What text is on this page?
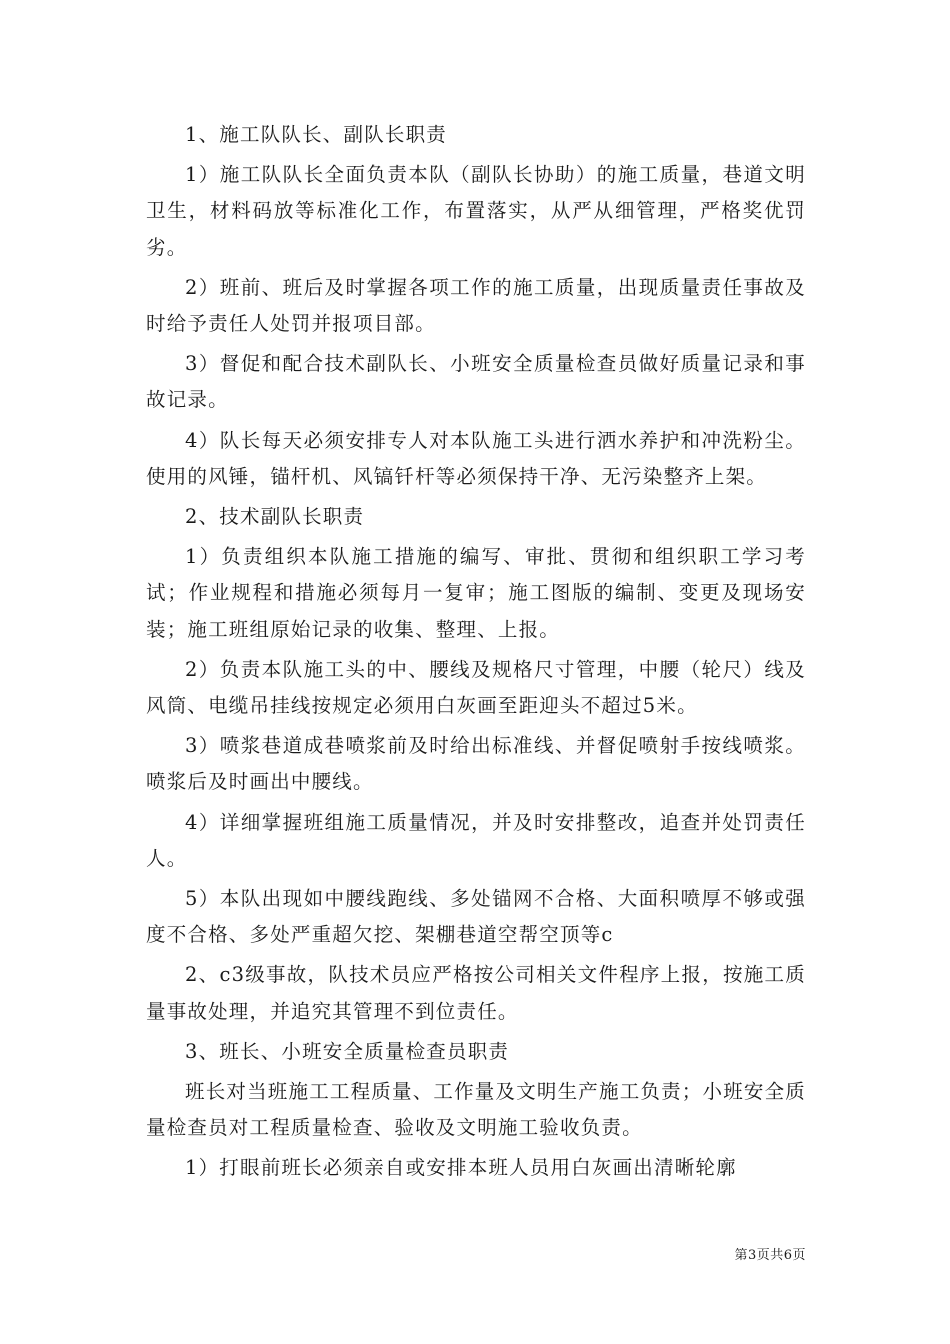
1、施工队队长、副队长职责

1）施工队队长全面负责本队（副队长协助）的施工质量，巷道文明卫生，材料码放等标准化工作，布置落实，从严从细管理，严格奖优罚劣。

2）班前、班后及时掌握各项工作的施工质量，出现质量责任事故及时给予责任人处罚并报项目部。

3）督促和配合技术副队长、小班安全质量检查员做好质量记录和事故记录。

4）队长每天必须安排专人对本队施工头进行洒水养护和冲洗粉尘。使用的风锤，锚杆机、风镐钎杆等必须保持干净、无污染整齐上架。

2、技术副队长职责

1）负责组织本队施工措施的编写、审批、贯彻和组织职工学习考试；作业规程和措施必须每月一复审；施工图版的编制、变更及现场安装；施工班组原始记录的收集、整理、上报。

2）负责本队施工头的中、腰线及规格尺寸管理，中腰（轮尺）线及风筒、电缆吊挂线按规定必须用白灰画至距迎头不超过5米。

3）喷浆巷道成巷喷浆前及时给出标准线、并督促喷射手按线喷浆。喷浆后及时画出中腰线。

4）详细掌握班组施工质量情况，并及时安排整改，追查并处罚责任人。

5）本队出现如中腰线跑线、多处锚网不合格、大面积喷厚不够或强度不合格、多处严重超欠挖、架棚巷道空帮空顶等c

2、c3级事故，队技术员应严格按公司相关文件程序上报，按施工质量事故处理，并追究其管理不到位责任。

3、班长、小班安全质量检查员职责

班长对当班施工工程质量、工作量及文明生产施工负责；小班安全质量检查员对工程质量检查、验收及文明施工验收负责。

1）打眼前班长必须亲自或安排本班人员用白灰画出清晰轮廓

第3页共6页
